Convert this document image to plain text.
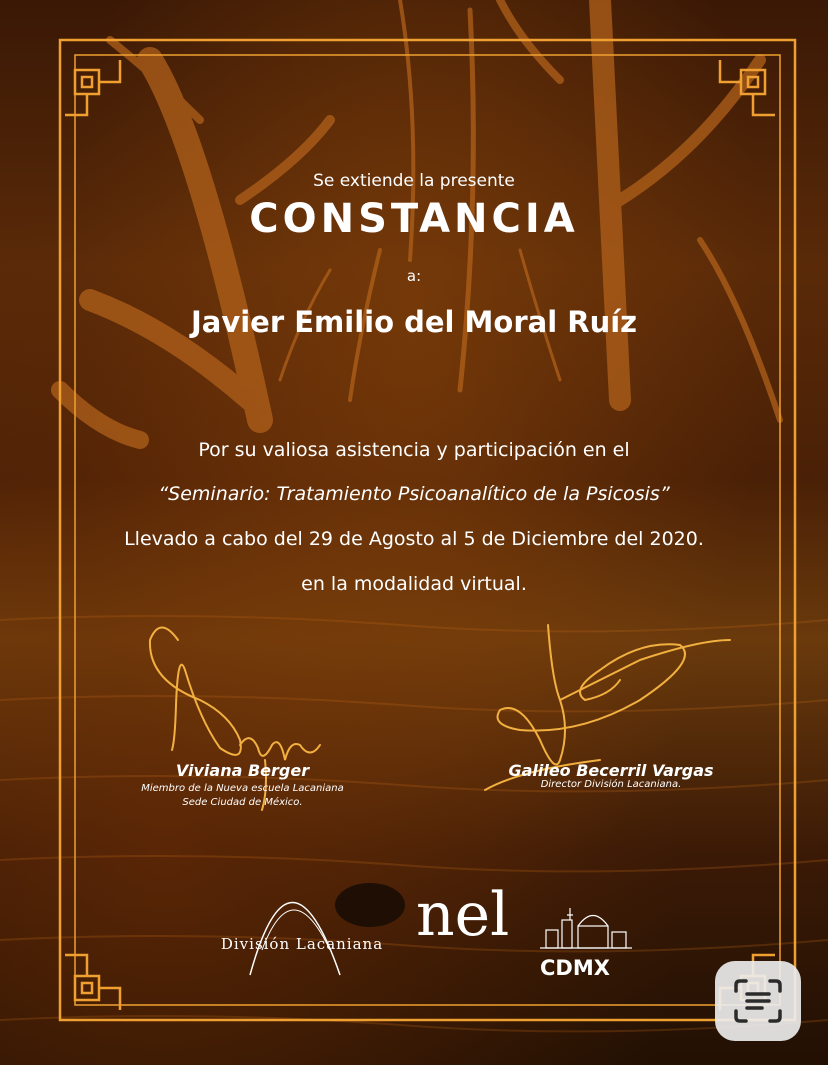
Se extiende la presente
CONSTANCIA
a:
Javier Emilio del Moral Ruíz
Por su valiosa asistencia y participación en el
“Seminario: Tratamiento Psicoanalítico de la Psicosis”
Llevado a cabo del 29 de Agosto al 5 de Diciembre del 2020.
en la modalidad virtual.
Viviana Berger
Miembro de la Nueva escuela Lacaniana
Sede Ciudad de México.
Galileo Becerril Vargas
Director División Lacaniana.
División Lacaniana nel
CDMX
